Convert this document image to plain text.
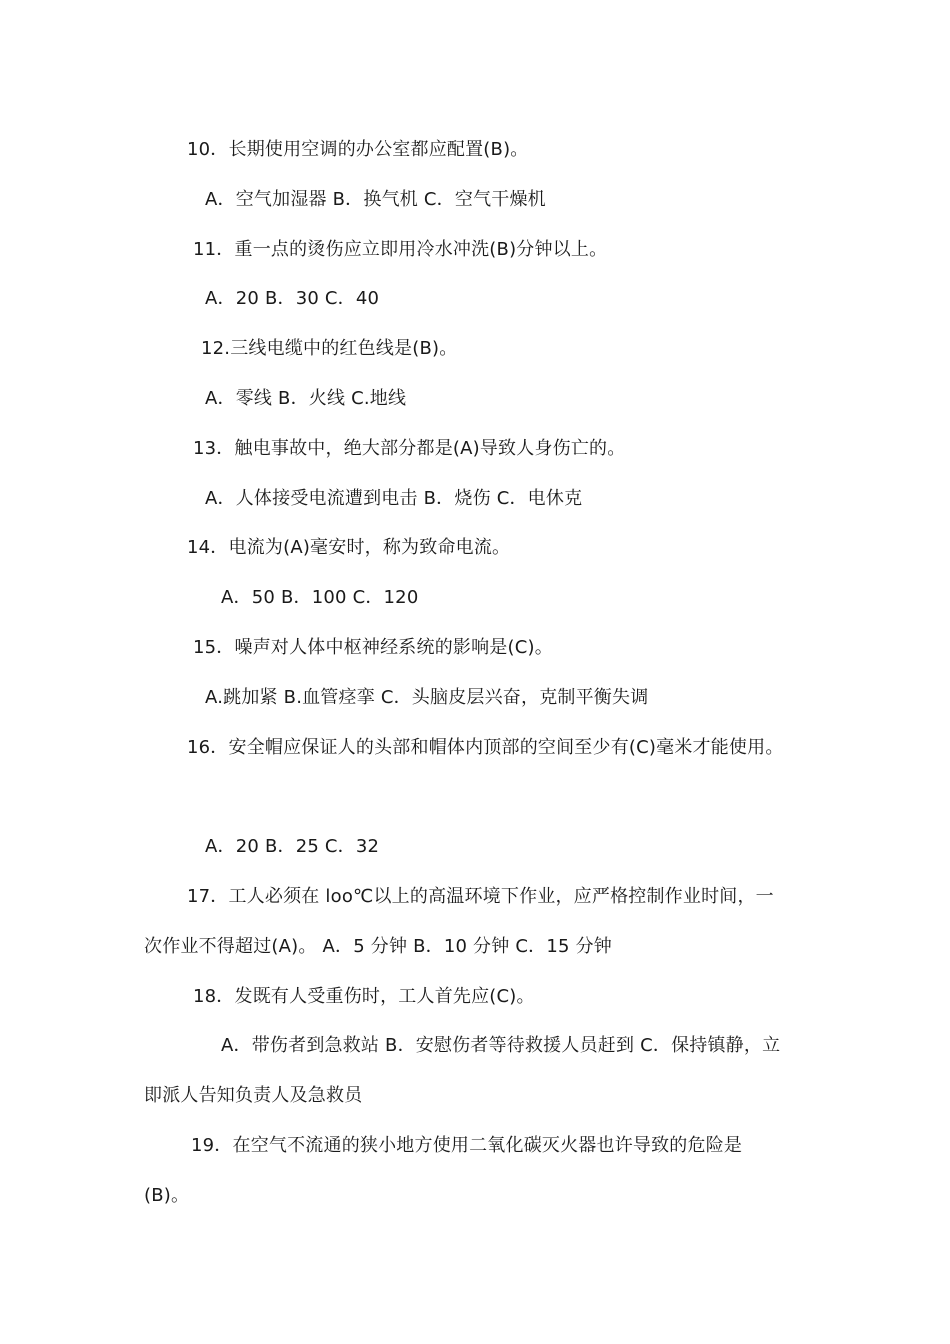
10．长期使用空调的办公室都应配置(B)。
A．空气加湿器 B．换气机 C．空气干燥机
11．重一点的烫伤应立即用冷水冲洗(B)分钟以上。
A．20 B．30 C．40
12.三线电缆中的红色线是(B)。
A．零线 B．火线 C.地线
13．触电事故中，绝大部分都是(A)导致人身伤亡的。
A．人体接受电流遭到电击 B．烧伤 C．电休克
14．电流为(A)毫安时，称为致命电流。
A．50 B．100 C．120
15．噪声对人体中枢神经系统的影响是(C)。
A.跳加紧 B.血管痉挛 C．头脑皮层兴奋，克制平衡失调
16．安全帽应保证人的头部和帽体内顶部的空间至少有(C)毫米才能使用。
A．20 B．25 C．32
17．工人必须在 loo℃以上的高温环境下作业，应严格控制作业时间，一
次作业不得超过(A)。 A．5 分钟 B．10 分钟 C．15 分钟
18．发既有人受重伤时，工人首先应(C)。
A．带伤者到急救站 B．安慰伤者等待救援人员赶到 C．保持镇静，立
即派人告知负责人及急救员
19．在空气不流通的狭小地方使用二氧化碳灭火器也许导致的危险是
(B)。
